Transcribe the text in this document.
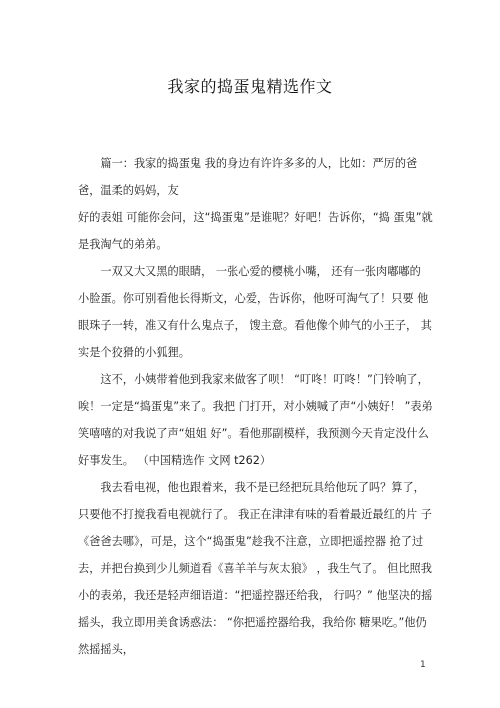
我家的捣蛋鬼精选作文

篇一：我家的捣蛋鬼 我的身边有许许多多的人，比如：严厉的爸爸，温柔的妈妈，友

好的表姐 可能你会问，这“捣蛋鬼”是谁呢？好吧！告诉你，“捣 蛋鬼”就是我淘气的弟弟。

一双又大又黑的眼睛， 一张心爱的樱桃小嘴， 还有一张肉嘟嘟的 小脸蛋。你可别看他长得斯文，心爱，告诉你，他呀可淘气了！只要 他眼珠子一转，准又有什么鬼点子， 馊主意。看他像个帅气的小王子， 其实是个狡猾的小狐狸。

这不，小姨带着他到我家来做客了呗！ “叮咚！叮咚！”门铃响了，唉！一定是“捣蛋鬼”来了。我把 门打开，对小姨喊了声“小姨好！ ”表弟笑嘻嘻的对我说了声“姐姐 好”。看他那副模样，我预测今天肯定没什么好事发生。 （中国精选作 文网 t262）

我去看电视，他也跟着来，我不是已经把玩具给他玩了吗？算了， 只要他不打搅我看电视就行了。 我正在津津有味的看着最近最红的片 子《爸爸去哪》，可是，这个“捣蛋鬼”趁我不注意，立即把遥控器 抢了过去，并把台换到少儿频道看《喜羊羊与灰太狼》 ，我生气了。 但比照我小的表弟，我还是轻声细语道：“把遥控器还给我， 行吗？” 他坚决的摇摇头，我立即用美食诱惑法： “你把遥控器给我，我给你 糖果吃。”他仍然摇摇头，

1
